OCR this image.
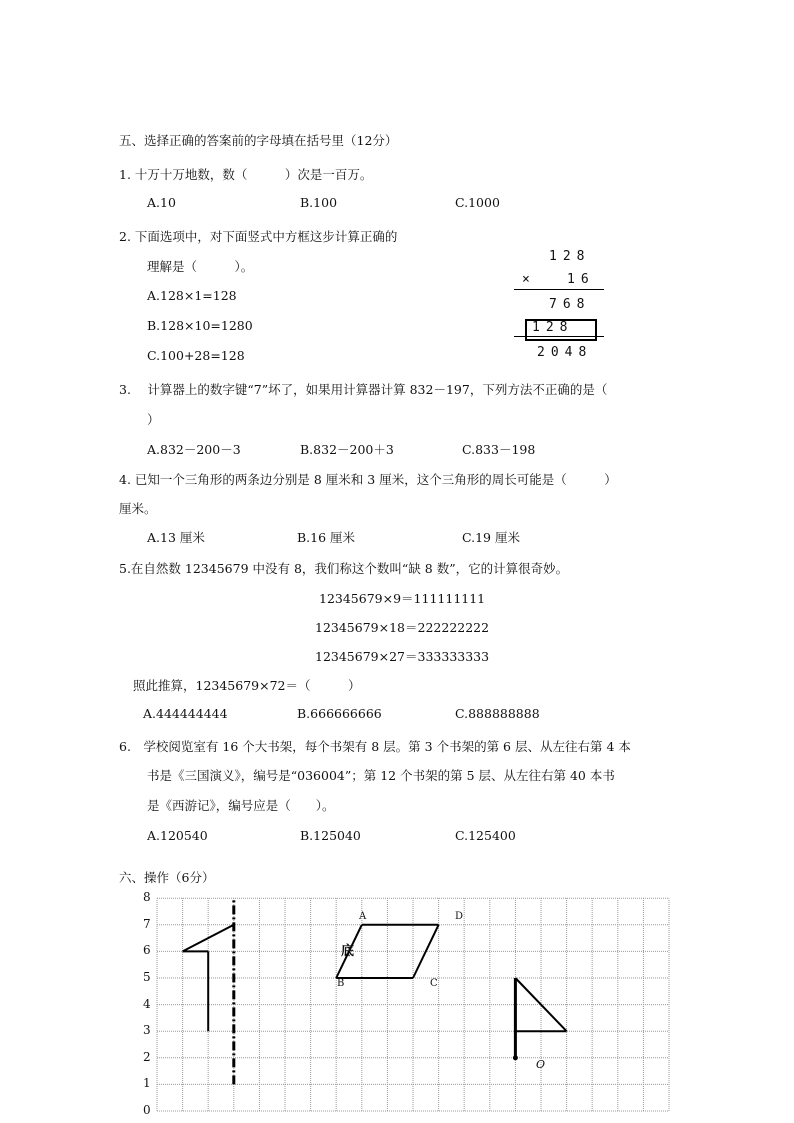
五、选择正确的答案前的字母填在括号里（12分）
1. 十万十万地数，数（　　　）次是一百万。
A.10	B.100	C.1000
2. 下面选项中，对下面竖式中方框这步计算正确的
理解是（　　　）。
A.128×1=128
B.128×10=1280
C.100+28=128
128
× 16
768
128
2048
3.　 计算器上的数字键“7”坏了，如果用计算器计算 832－197，下列方法不正确的是（
）
A.832－200－3	B.832－200＋3	C.833－198
4. 已知一个三角形的两条边分别是 8 厘米和 3 厘米，这个三角形的周长可能是（　　　）
厘米。
A.13 厘米	B.16 厘米	C.19 厘米
5.在自然数 12345679 中没有 8，我们称这个数叫“缺 8 数”，它的计算很奇妙。
12345679×9＝111111111
12345679×18＝222222222
12345679×27＝333333333
照此推算，12345679×72＝（　　　）
A.444444444	B.666666666	C.888888888
6.　学校阅览室有 16 个大书架，每个书架有 8 层。第 3 个书架的第 6 层、从左往右第 4 本
书是《三国演义》，编号是“036004”；第 12 个书架的第 5 层、从左往右第 40 本书
是《西游记》，编号应是（　　）。
A.120540	B.125040	C.125400
六、操作（6分）
0
1
2
3
4
5
6
7
8
A	D
B	C
O
底
